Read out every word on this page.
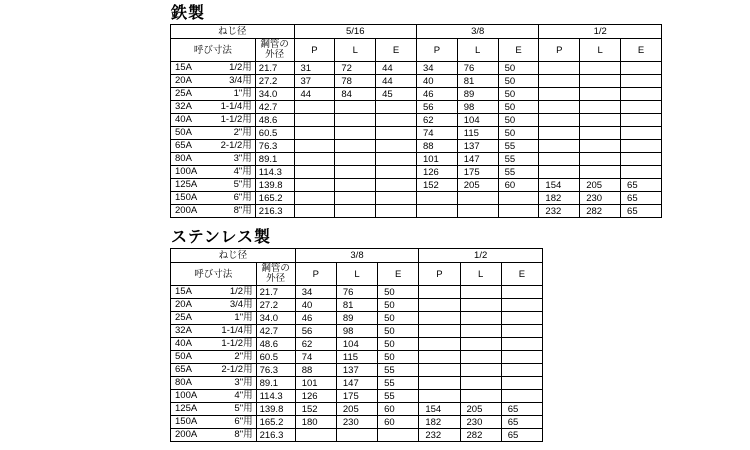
鉄製
ねじ径		5/16			3/8			1/2		
呼び寸法	鋼管の
外径	P	L	E	P	L	E	P	L	E

15A 1/2用	21.7	31	72	44	34	76	50			

20A 3/4用	27.2	37	78	44	40	81	50			

25A 1"用	34.0	44	84	45	46	89	50			

32A 1-1/4用	42.7				56	98	50			

40A 1-1/2用	48.6				62	104	50			

50A 2"用	60.5				74	115	50			

65A 2-1/2用	76.3				88	137	55			

80A 3"用	89.1				101	147	55			

100A 4"用	114.3				126	175	55			

125A 5"用	139.8				152	205	60	154	205	65

150A 6"用	165.2							182	230	65

200A 8"用	216.3							232	282	65
ステンレス製
ねじ径		3/8			1/2		
呼び寸法	鋼管の
外径	P	L	E	P	L	E

15A 1/2用	21.7	34	76	50			

20A 3/4用	27.2	40	81	50			

25A 1"用	34.0	46	89	50			

32A 1-1/4用	42.7	56	98	50			

40A 1-1/2用	48.6	62	104	50			

50A 2"用	60.5	74	115	50			

65A 2-1/2用	76.3	88	137	55			

80A 3"用	89.1	101	147	55			

100A 4"用	114.3	126	175	55			

125A 5"用	139.8	152	205	60	154	205	65

150A 6"用	165.2	180	230	60	182	230	65

200A 8"用	216.3				232	282	65
